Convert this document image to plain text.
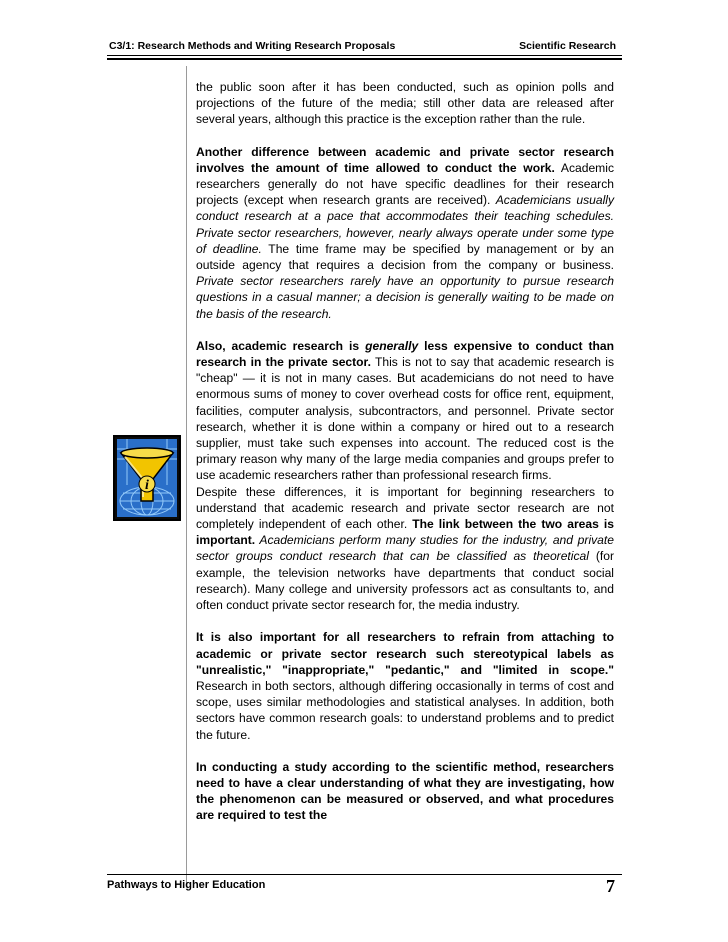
C3/1: Research Methods and Writing Research Proposals	Scientific Research
i

the public soon after it has been conducted, such as opinion polls and projections of the future of the media; still other data are released after several years, although this practice is the exception rather than the rule.

Another difference between academic and private sector research involves the amount of time allowed to conduct the work. Academic researchers generally do not have specific deadlines for their research projects (except when research grants are received). Academicians usually conduct research at a pace that accommodates their teaching schedules. Private sector researchers, however, nearly always operate under some type of deadline. The time frame may be specified by management or by an outside agency that requires a decision from the company or business. Private sector researchers rarely have an opportunity to pursue research questions in a casual manner; a decision is generally waiting to be made on the basis of the research.

Also, academic research is generally less expensive to conduct than research in the private sector. This is not to say that academic research is "cheap" — it is not in many cases. But academicians do not need to have enormous sums of money to cover overhead costs for office rent, equipment, facilities, computer analysis, subcontractors, and personnel. Private sector research, whether it is done within a company or hired out to a research supplier, must take such expenses into account. The reduced cost is the primary reason why many of the large media companies and groups prefer to use academic researchers rather than professional research firms.

Despite these differences, it is important for beginning researchers to understand that academic research and private sector research are not completely independent of each other. The link between the two areas is important. Academicians perform many studies for the industry, and private sector groups conduct research that can be classified as theoretical (for example, the television networks have departments that conduct social research). Many college and university professors act as consultants to, and often conduct private sector research for, the media industry.

It is also important for all researchers to refrain from attaching to academic or private sector research such stereotypical labels as "unrealistic," "inappropriate," "pedantic," and "limited in scope." Research in both sectors, although differing occasionally in terms of cost and scope, uses similar methodologies and statistical analyses. In addition, both sectors have common research goals: to understand problems and to predict the future.

In conducting a study according to the scientific method, researchers need to have a clear understanding of what they are investigating, how the phenomenon can be measured or observed, and what procedures are required to test the

Pathways to Higher Education	7
